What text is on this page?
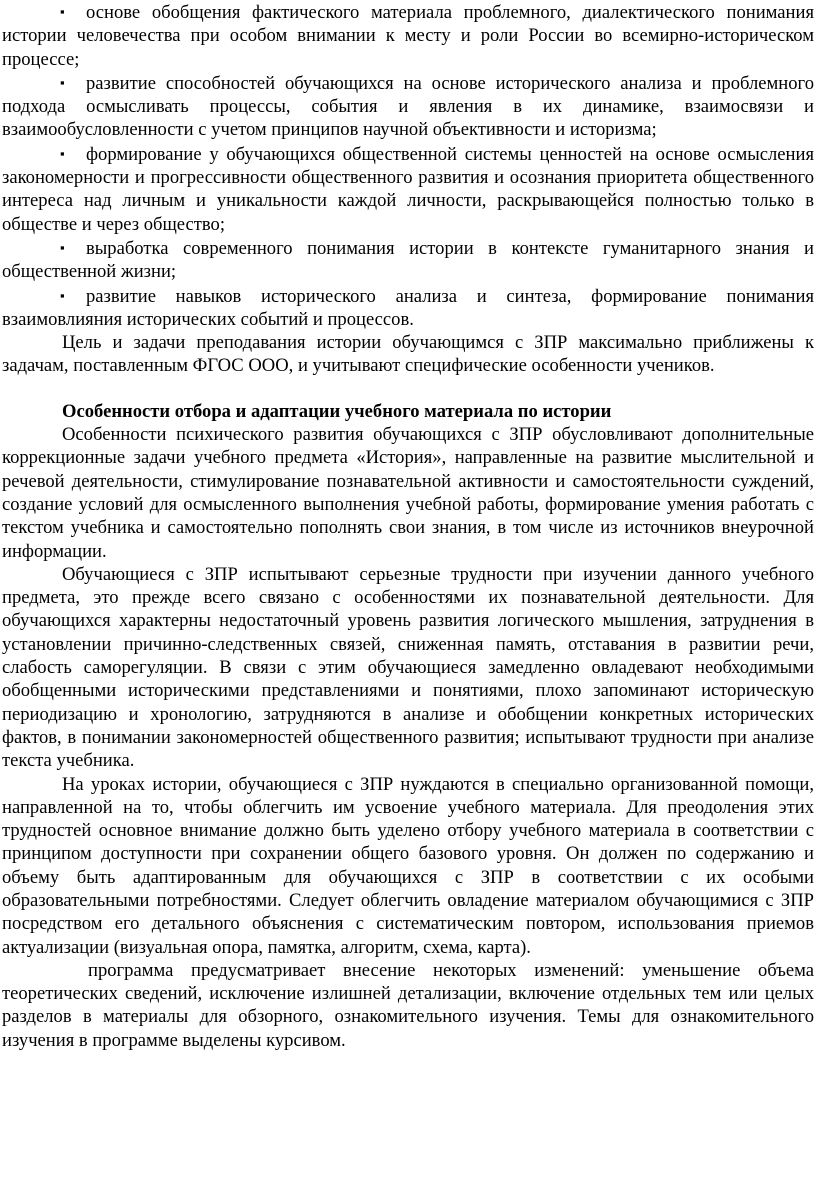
▪ основе обобщения фактического материала проблемного, диалектического понимания истории человечества при особом внимании к месту и роли России во всемирно-историческом процессе;

▪ развитие способностей обучающихся на основе исторического анализа и проблемного подхода осмысливать процессы, события и явления в их динамике, взаимосвязи и взаимообусловленности с учетом принципов научной объективности и историзма;

▪ формирование у обучающихся общественной системы ценностей на основе осмысления закономерности и прогрессивности общественного развития и осознания приоритета общественного интереса над личным и уникальности каждой личности, раскрывающейся полностью только в обществе и через общество;

▪ выработка современного понимания истории в контексте гуманитарного знания и общественной жизни;

▪ развитие навыков исторического анализа и синтеза, формирование понимания взаимовлияния исторических событий и процессов.

Цель и задачи преподавания истории обучающимся с ЗПР максимально приближены к задачам, поставленным ФГОС ООО, и учитывают специфические особенности учеников.

Особенности отбора и адаптации учебного материала по истории

Особенности психического развития обучающихся с ЗПР обусловливают дополнительные коррекционные задачи учебного предмета «История», направленные на развитие мыслительной и речевой деятельности, стимулирование познавательной активности и самостоятельности суждений, создание условий для осмысленного выполнения учебной работы, формирование умения работать с текстом учебника и самостоятельно пополнять свои знания, в том числе из источников внеурочной информации.

Обучающиеся с ЗПР испытывают серьезные трудности при изучении данного учебного предмета, это прежде всего связано с особенностями их познавательной деятельности. Для обучающихся характерны недостаточный уровень развития логического мышления, затруднения в установлении причинно-следственных связей, сниженная память, отставания в развитии речи, слабость саморегуляции. В связи с этим обучающиеся замедленно овладевают необходимыми обобщенными историческими представлениями и понятиями, плохо запоминают историческую периодизацию и хронологию, затрудняются в анализе и обобщении конкретных исторических фактов, в понимании закономерностей общественного развития; испытывают трудности при анализе текста учебника.

На уроках истории, обучающиеся с ЗПР нуждаются в специально организованной помощи, направленной на то, чтобы облегчить им усвоение учебного материала. Для преодоления этих трудностей основное внимание должно быть уделено отбору учебного материала в соответствии с принципом доступности при сохранении общего базового уровня. Он должен по содержанию и объему быть адаптированным для обучающихся с ЗПР в соответствии с их особыми образовательными потребностями. Следует облегчить овладение материалом обучающимися с ЗПР посредством его детального объяснения с систематическим повтором, использования приемов актуализации (визуальная опора, памятка, алгоритм, схема, карта).

программа предусматривает внесение некоторых изменений: уменьшение объема теоретических сведений, исключение излишней детализации, включение отдельных тем или целых разделов в материалы для обзорного, ознакомительного изучения. Темы для ознакомительного изучения в программе выделены курсивом.
